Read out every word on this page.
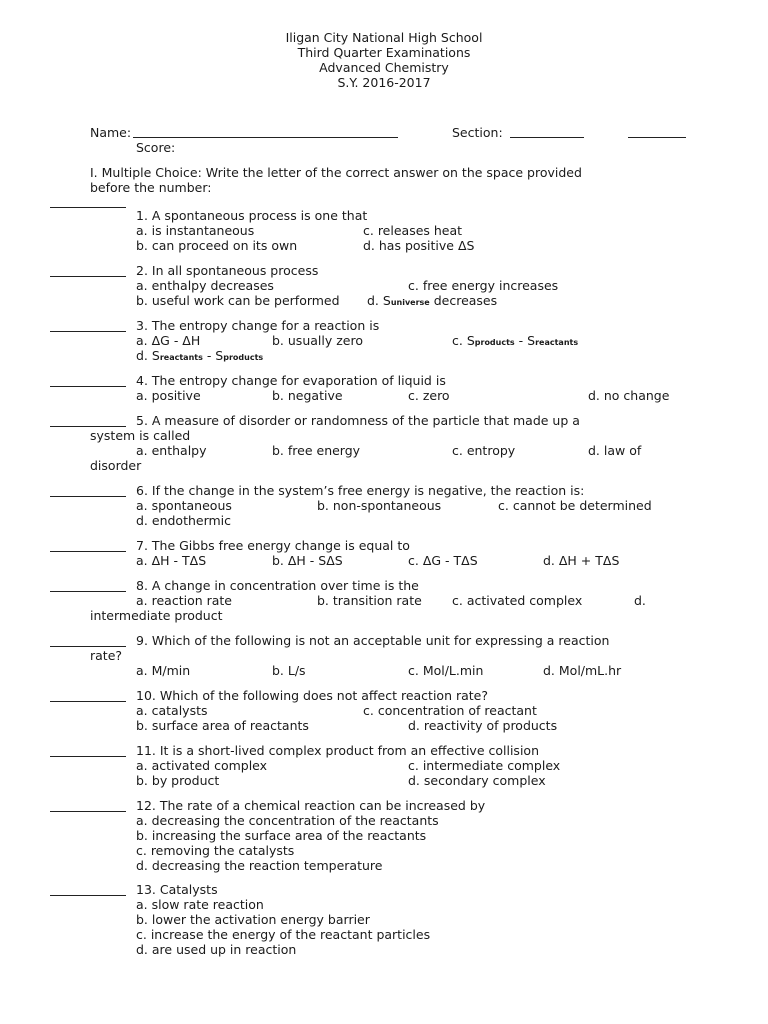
Iligan City National High School
Third Quarter Examinations
Advanced Chemistry
S.Y. 2016-2017
Name:	Section:
Score:
I. Multiple Choice: Write the letter of the correct answer on the space provided
before the number:
1. A spontaneous process is one that
a. is instantaneous	c. releases heat
b. can proceed on its own	d. has positive ΔS
2. In all spontaneous process
a. enthalpy decreases	c. free energy increases
b. useful work can be performed d. Suniverse decreases
3. The entropy change for a reaction is
a. ΔG - ΔH	b. usually zero	c. Sproducts - Sreactants
d. Sreactants - Sproducts
4. The entropy change for evaporation of liquid is
a. positive	b. negative	c. zero	d. no change
5. A measure of disorder or randomness of the particle that made up a
system is called
a. enthalpy	b. free energy	c. entropy	d. law of
disorder
6. If the change in the system’s free energy is negative, the reaction is:
a. spontaneous	b. non-spontaneous	c. cannot be determined
d. endothermic
7. The Gibbs free energy change is equal to
a. ΔH - TΔS	b. ΔH - SΔS	c. ΔG - TΔS	d. ΔH + TΔS
8. A change in concentration over time is the
a. reaction rate	b. transition rate c. activated complex	d.
intermediate product
9. Which of the following is not an acceptable unit for expressing a reaction
rate?
a. M/min	b. L/s	c. Mol/L.min	d. Mol/mL.hr
10. Which of the following does not affect reaction rate?
a. catalysts	c. concentration of reactant
b. surface area of reactants	d. reactivity of products
11. It is a short-lived complex product from an effective collision
a. activated complex	c. intermediate complex
b. by product	d. secondary complex
12. The rate of a chemical reaction can be increased by
a. decreasing the concentration of the reactants
b. increasing the surface area of the reactants
c. removing the catalysts
d. decreasing the reaction temperature
13. Catalysts
a. slow rate reaction
b. lower the activation energy barrier
c. increase the energy of the reactant particles
d. are used up in reaction
